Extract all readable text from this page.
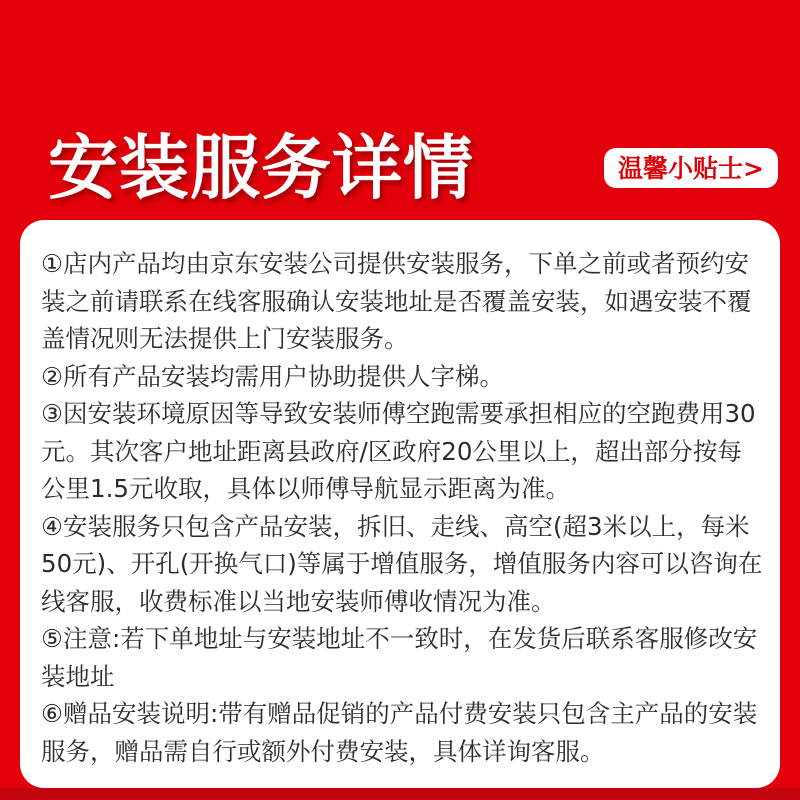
安装服务详情	温馨小贴士>

①店内产品均由京东安装公司提供安装服务，下单之前或者预约安装之前请联系在线客服确认安装地址是否覆盖安装，如遇安装不覆盖情况则无法提供上门安装服务。

②所有产品安装均需用户协助提供人字梯。

③因安装环境原因等导致安装师傅空跑需要承担相应的空跑费用30元。其次客户地址距离县政府/区政府20公里以上，超出部分按每公里1.5元收取，具体以师傅导航显示距离为准。

④安装服务只包含产品安装，拆旧、走线、高空(超3米以上，每米50元)、开孔(开换气口)等属于增值服务，增值服务内容可以咨询在线客服，收费标准以当地安装师傅收情况为准。

⑤注意:若下单地址与安装地址不一致时，在发货后联系客服修改安装地址

⑥赠品安装说明:带有赠品促销的产品付费安装只包含主产品的安装服务，赠品需自行或额外付费安装，具体详询客服。
